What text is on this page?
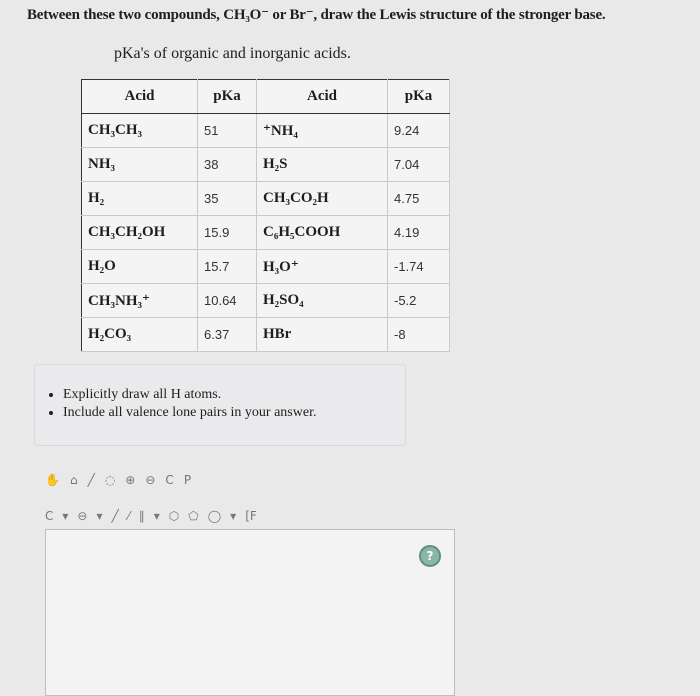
Between these two compounds, CH₃O⁻ or Br⁻, draw the Lewis structure of the stronger base.
pKa's of organic and inorganic acids.
Acid	pKa	Acid	pKa
CH₃CH₃	51	⁺NH₄	9.24
NH₃	38	H₂S	7.04
H₂	35	CH₃CO₂H	4.75
CH₃CH₂OH	15.9	C₆H₅COOH	4.19
H₂O	15.7	H₃O⁺	-1.74
CH₃NH₃⁺	10.64	H₂SO₄	-5.2
H₂CO₃	6.37	HBr	-8
• Explicitly draw all H atoms.
• Include all valence lone pairs in your answer.
✋ ⌂ ╱ ◌ ⊕ ⊖ C P
C ▾ ⊖ ▾ ╱ ⁄ ∥ ▾ ⬡ ⬠ ◯ ▾ [F
?
